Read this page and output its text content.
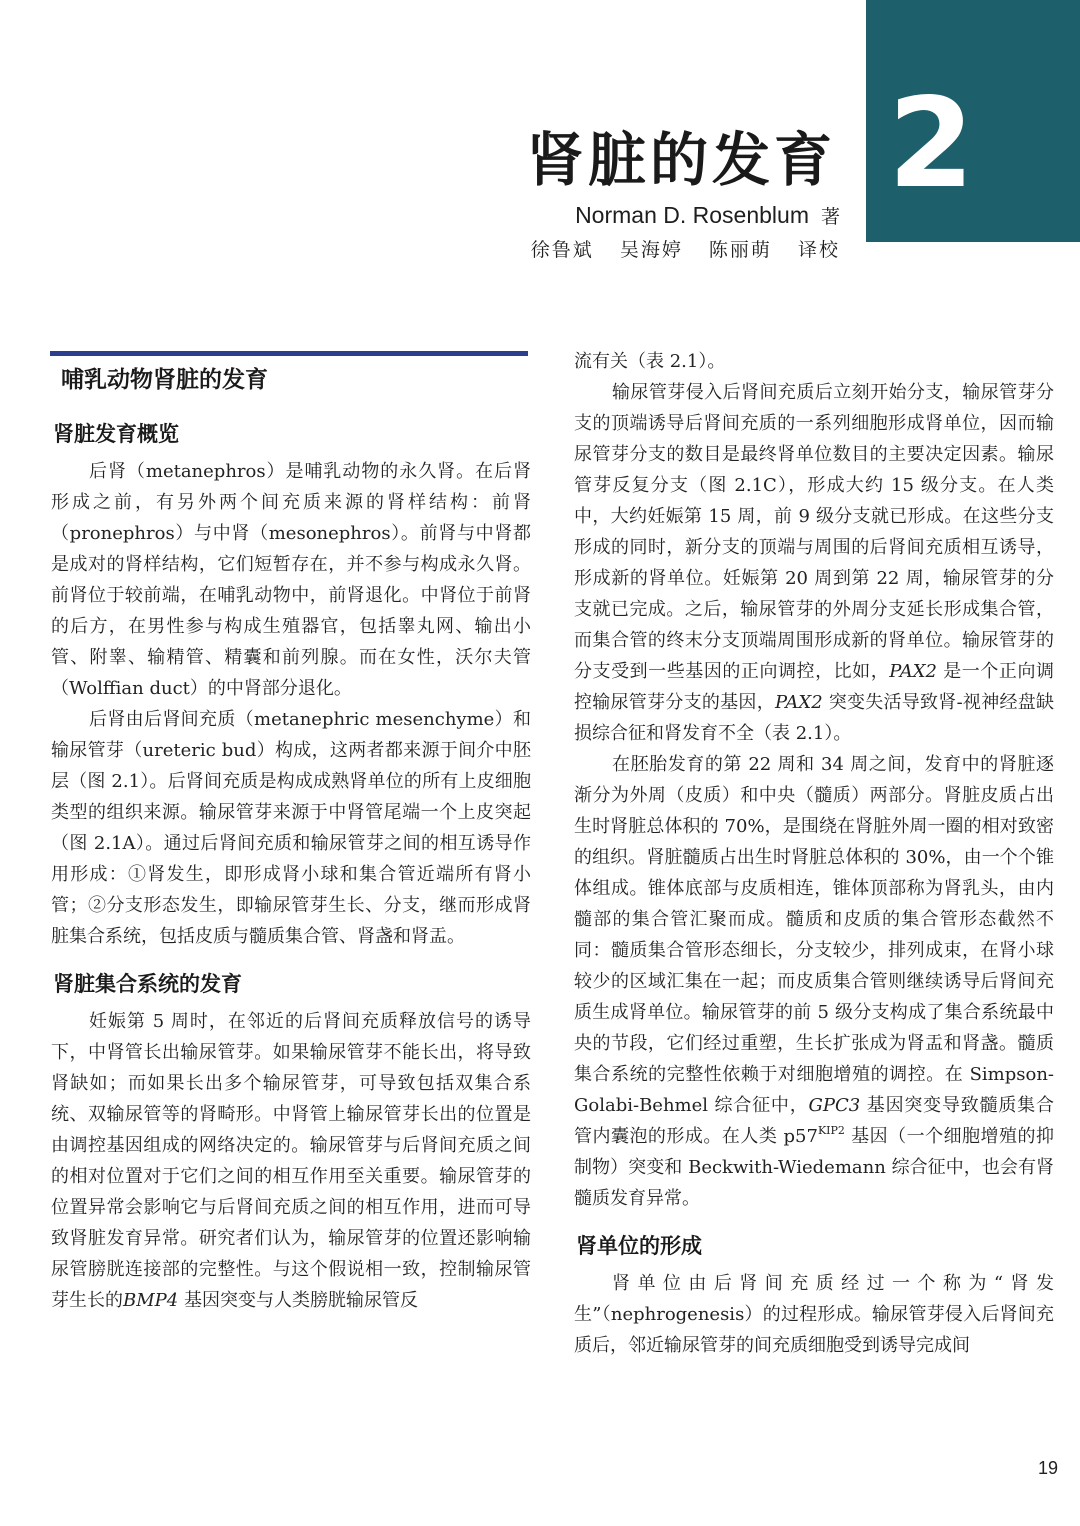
2
肾脏的发育
Norman D. Rosenblum 著
徐鲁斌 吴海婷 陈丽萌 译校
哺乳动物肾脏的发育
肾脏发育概览

后肾（metanephros）是哺乳动物的永久肾。在后肾形成之前，有另外两个间充质来源的肾样结构：前肾（pronephros）与中肾（mesonephros）。前肾与中肾都是成对的肾样结构，它们短暂存在，并不参与构成永久肾。前肾位于较前端，在哺乳动物中，前肾退化。中肾位于前肾的后方，在男性参与构成生殖器官，包括睾丸网、输出小管、附睾、输精管、精囊和前列腺。而在女性，沃尔夫管（Wolffian duct）的中肾部分退化。

后肾由后肾间充质（metanephric mesenchyme）和输尿管芽（ureteric bud）构成，这两者都来源于间介中胚层（图 2.1）。后肾间充质是构成成熟肾单位的所有上皮细胞类型的组织来源。输尿管芽来源于中肾管尾端一个上皮突起（图 2.1A）。通过后肾间充质和输尿管芽之间的相互诱导作用形成：①肾发生，即形成肾小球和集合管近端所有肾小管；②分支形态发生，即输尿管芽生长、分支，继而形成肾脏集合系统，包括皮质与髓质集合管、肾盏和肾盂。

肾脏集合系统的发育

妊娠第 5 周时，在邻近的后肾间充质释放信号的诱导下，中肾管长出输尿管芽。如果输尿管芽不能长出，将导致肾缺如；而如果长出多个输尿管芽，可导致包括双集合系统、双输尿管等的肾畸形。中肾管上输尿管芽长出的位置是由调控基因组成的网络决定的。输尿管芽与后肾间充质之间的相对位置对于它们之间的相互作用至关重要。输尿管芽的位置异常会影响它与后肾间充质之间的相互作用，进而可导致肾脏发育异常。研究者们认为，输尿管芽的位置还影响输尿管膀胱连接部的完整性。与这个假说相一致，控制输尿管芽生长的BMP4 基因突变与人类膀胱输尿管反

流有关（表 2.1）。

输尿管芽侵入后肾间充质后立刻开始分支，输尿管芽分支的顶端诱导后肾间充质的一系列细胞形成肾单位，因而输尿管芽分支的数目是最终肾单位数目的主要决定因素。输尿管芽反复分支（图 2.1C），形成大约 15 级分支。在人类中，大约妊娠第 15 周，前 9 级分支就已形成。在这些分支形成的同时，新分支的顶端与周围的后肾间充质相互诱导，形成新的肾单位。妊娠第 20 周到第 22 周，输尿管芽的分支就已完成。之后，输尿管芽的外周分支延长形成集合管，而集合管的终末分支顶端周围形成新的肾单位。输尿管芽的分支受到一些基因的正向调控，比如，PAX2 是一个正向调控输尿管芽分支的基因，PAX2 突变失活导致肾-视神经盘缺损综合征和肾发育不全（表 2.1）。

在胚胎发育的第 22 周和 34 周之间，发育中的肾脏逐渐分为外周（皮质）和中央（髓质）两部分。肾脏皮质占出生时肾脏总体积的 70%，是围绕在肾脏外周一圈的相对致密的组织。肾脏髓质占出生时肾脏总体积的 30%，由一个个锥体组成。锥体底部与皮质相连，锥体顶部称为肾乳头，由内髓部的集合管汇聚而成。髓质和皮质的集合管形态截然不同：髓质集合管形态细长，分支较少，排列成束，在肾小球较少的区域汇集在一起；而皮质集合管则继续诱导后肾间充质生成肾单位。输尿管芽的前 5 级分支构成了集合系统最中央的节段，它们经过重塑，生长扩张成为肾盂和肾盏。髓质集合系统的完整性依赖于对细胞增殖的调控。在 Simpson-Golabi-Behmel 综合征中，GPC3 基因突变导致髓质集合管内囊泡的形成。在人类 $p57^{KIP2}$ 基因（一个细胞增殖的抑制物）突变和 Beckwith-Wiedemann 综合征中，也会有肾髓质发育异常。

肾单位的形成

肾单位由后肾间充质经过一个称为“肾发生”（nephrogenesis）的过程形成。输尿管芽侵入后肾间充质后，邻近输尿管芽的间充质细胞受到诱导完成间

19
